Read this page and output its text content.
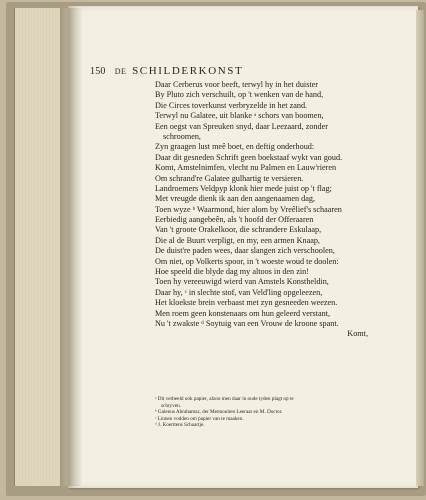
150 DE SCHILDERKONST
Daar Cerberus voor beeft, terwyl hy in het duister
By Pluto zich verschuilt, op 't wenken van de hand,
Die Circes toverkunst verbryzelde in het zand.
Terwyl nu Galatee, uit blanke ᵃ schors van boomen,
Een oegst van Spreuken snyd, daar Leezaard, zonder
schroomen,
Zyn graagen lust meê boet, en deftig onderhoud:
Daar dit gesneden Schrift geen boekstaaf wykt van goud.
Komt, Amstelnimfen, vlecht nu Palmen en Lauw'rieren
Om schrand're Galatee gulhartig te versieren.
Landroemers Veldpyp klonk hier mede juist op 't flag;
Met vreugde dienk ik aan den aangenaamen dag,
Toen wyze ᵇ Waarmond, hier alom by Vreêlief's schaaren
Eerbiedig aangebeên, als 't hoofd der Offeraaren
Van 't groote Orakelkoor, die schrandere Eskulaap,
Die al de Buurt verpligt, en my, een armen Knaap,
De duist're paden wees, daar slangen zich verschoolen,
Om niet, op Volkerts spoor, in 't woeste woud te doolen:
Hoe speeld die blyde dag my altoos in den zin!
Toen hy vereeuwigd wierd van Amstels Konstheldin,
Daar hy, ᶜ in slechte stof, van Veld'ling opgeleezen,
Het kloekste brein verbaast met zyn gesneeden weezen.
Men roem geen konstenaars om hun geleerd verstant,
Nu 't zwakste ᵈ Soytuig van een Vrouw de kroone spant.
Komt,
ᵃ Dit verbeeld ook papier, alzoo men daar in oude tyden plagt op te
schryven.
ᵇ Galenus Abrahamsz, der Mennoniten Leeraar en M. Doctor.
ᶜ Linnen vodden om papier van te maaken.
ᵈ J. Koerttens Schaartje.
